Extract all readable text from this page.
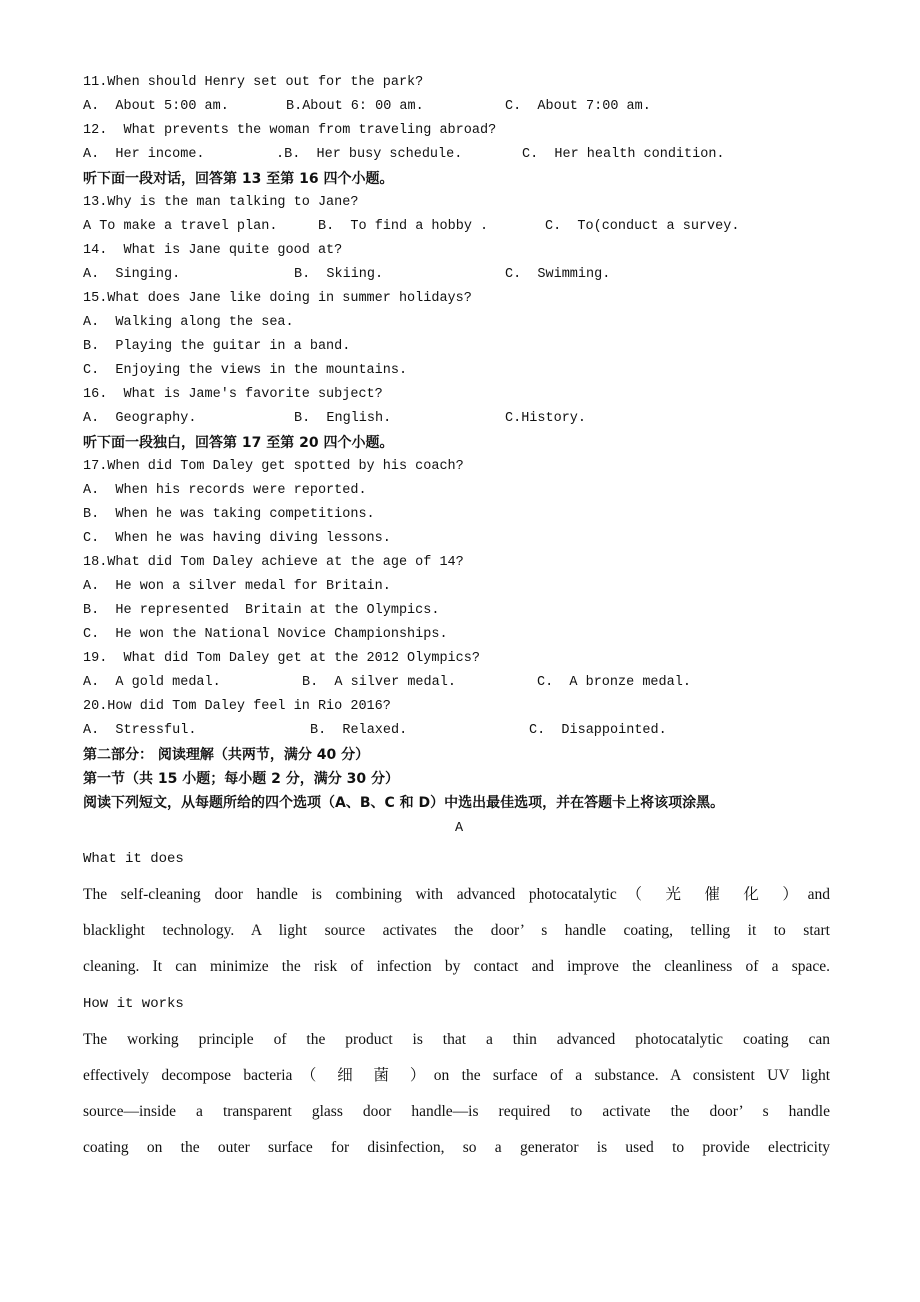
11.When should Henry set out for the park?
A.  About 5:00 am.	B.About 6: 00 am.	C.  About 7:00 am.
12.  What prevents the woman from traveling abroad?
A.  Her income.	.B.  Her busy schedule.	C.  Her health condition.
听下面一段对话，回答第 13 至第 16 四个小题。
13.Why is the man talking to Jane?
A To make a travel plan.	B.  To find a hobby .	C.  To(conduct a survey.
14.  What is Jane quite good at?
A.  Singing.	B.  Skiing.	C.  Swimming.
15.What does Jane like doing in summer holidays?
A.  Walking along the sea.
B.  Playing the guitar in a band.
C.  Enjoying the views in the mountains.
16.  What is Jame's favorite subject?
A.  Geography.	B.  English.	C.History.
听下面一段独白，回答第 17 至第 20 四个小题。
17.When did Tom Daley get spotted by his coach?
A.  When his records were reported.
B.  When he was taking competitions.
C.  When he was having diving lessons.
18.What did Tom Daley achieve at the age of 14?
A.  He won a silver medal for Britain.
B.  He represented  Britain at the Olympics.
C.  He won the National Novice Championships.
19.  What did Tom Daley get at the 2012 Olympics?
A.  A gold medal.	B.  A silver medal.	C.  A bronze medal.
20.How did Tom Daley feel in Rio 2016?
A.  Stressful.	B.  Relaxed.	C.  Disappointed.
第二部分： 阅读理解（共两节，满分 40 分）
第一节（共 15 小题；每小题 2 分，满分 30 分）
阅读下列短文，从每题所给的四个选项（A、B、C 和 D）中选出最佳选项，并在答题卡上将该项涂黑。
A
What it does
The self-cleaning door handle is combining with advanced photocatalytic（ 光 催 化 ）and
blacklight technology. A light source activates the door’ s handle coating, telling it to start
cleaning. It can minimize the risk of infection by contact and improve the cleanliness of a space.
How it works
The working principle of the product is that a thin advanced photocatalytic coating can
effectively decompose bacteria（ 细 菌 ）on the surface of a substance. A consistent UV light
source—inside a transparent glass door handle—is required to activate the door’ s handle
coating on the outer surface for disinfection, so a generator is used to provide electricity
